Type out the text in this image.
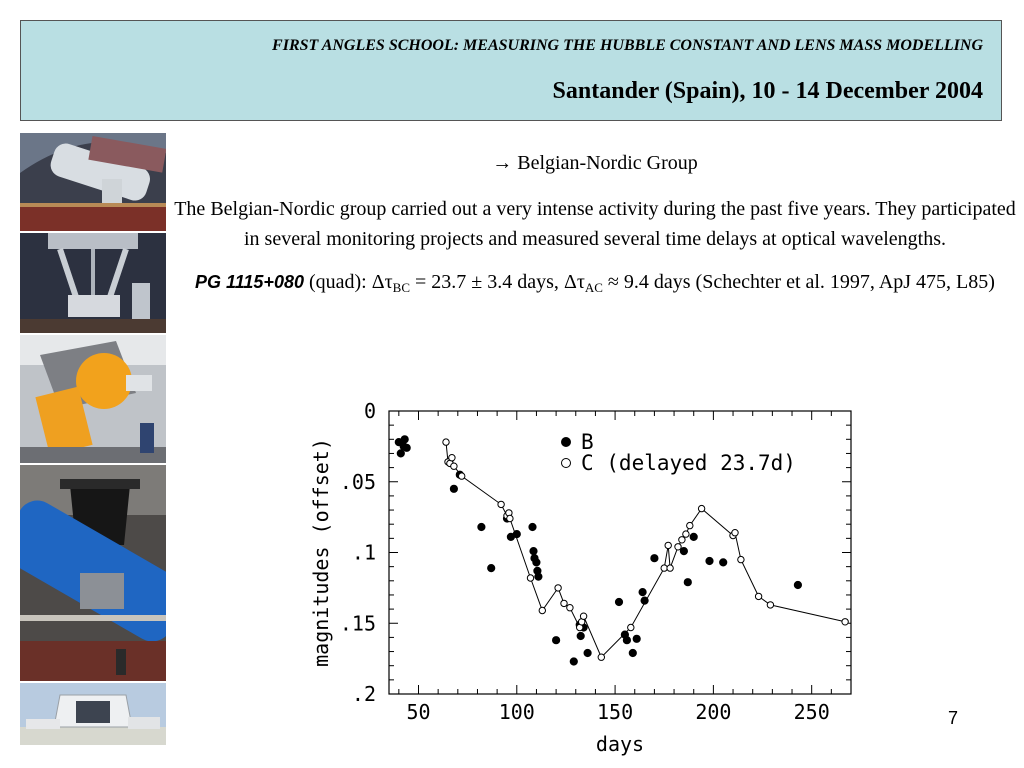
FIRST ANGLES SCHOOL: MEASURING THE HUBBLE CONSTANT AND LENS MASS MODELLING
Santander (Spain), 10 - 14 December 2004

→ Belgian-Nordic Group

The Belgian-Nordic group carried out a very intense activity during the past five years. They participated in several monitoring projects and measured several time delays at optical wavelengths.

PG 1115+080 (quad): $\Delta\tau_{BC} = 23.7 \pm 3.4$ days, $\Delta\tau_{AC} \approx 9.4$ days (Schechter et al. 1997, ApJ 475, L85)

50	100	150	200	250
0
.05
.1
.15
.2
B
C (delayed 23.7d)
days
magnitudes (offset)
7
